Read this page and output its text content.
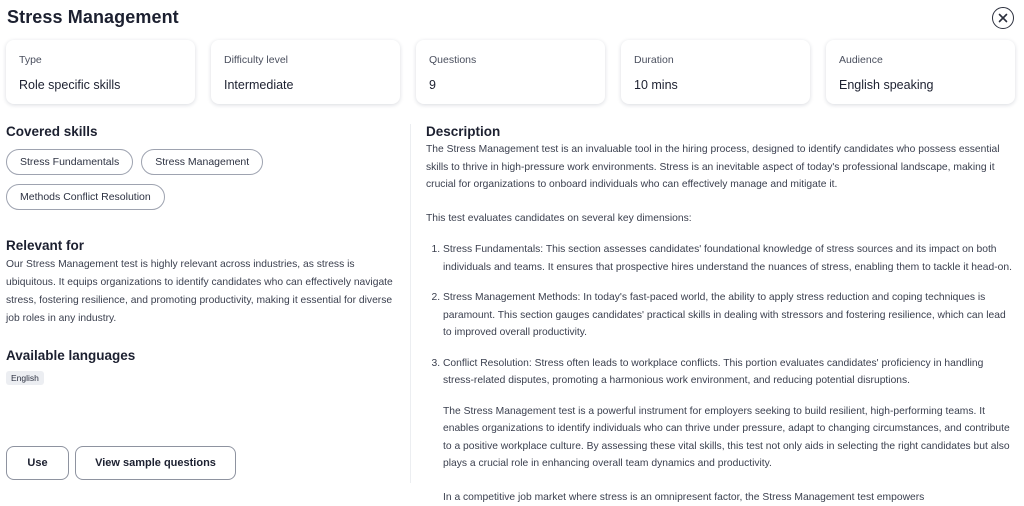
Stress Management
Type
Role specific skills
Difficulty level
Intermediate
Questions
9
Duration
10 mins
Audience
English speaking
Covered skills
Stress Fundamentals	Stress Management
Methods Conflict Resolution
Relevant for
Our Stress Management test is highly relevant across industries, as stress is ubiquitous. It equips organizations to identify candidates who can effectively navigate stress, fostering resilience, and promoting productivity, making it essential for diverse job roles in any industry.
Available languages
English
Description
The Stress Management test is an invaluable tool in the hiring process, designed to identify candidates who possess essential skills to thrive in high-pressure work environments. Stress is an inevitable aspect of today's professional landscape, making it crucial for organizations to onboard individuals who can effectively manage and mitigate it.
This test evaluates candidates on several key dimensions:
1. Stress Fundamentals: This section assesses candidates' foundational knowledge of stress sources and its impact on both individuals and teams. It ensures that prospective hires understand the nuances of stress, enabling them to tackle it head-on.
2. Stress Management Methods: In today's fast-paced world, the ability to apply stress reduction and coping techniques is paramount. This section gauges candidates' practical skills in dealing with stressors and fostering resilience, which can lead to improved overall productivity.
3. Conflict Resolution: Stress often leads to workplace conflicts. This portion evaluates candidates' proficiency in handling stress-related disputes, promoting a harmonious work environment, and reducing potential disruptions.
The Stress Management test is a powerful instrument for employers seeking to build resilient, high-performing teams. It enables organizations to identify individuals who can thrive under pressure, adapt to changing circumstances, and contribute to a positive workplace culture. By assessing these vital skills, this test not only aids in selecting the right candidates but also plays a crucial role in enhancing overall team dynamics and productivity.
In a competitive job market where stress is an omnipresent factor, the Stress Management test empowers
Use	View sample questions
